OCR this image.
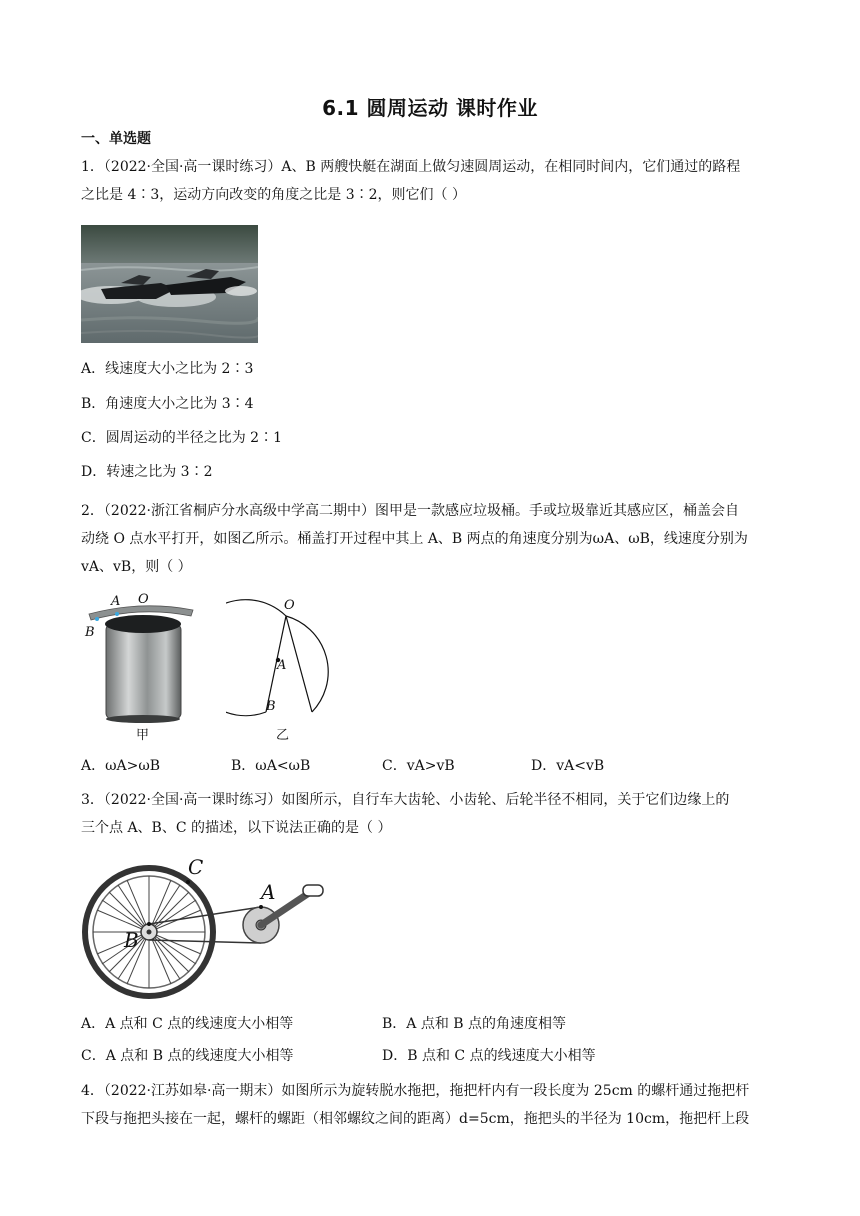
6.1 圆周运动 课时作业
一、单选题
1．（2022·全国·高一课时练习）A、B 两艘快艇在湖面上做匀速圆周运动，在相同时间内，它们通过的路程
之比是 4∶3，运动方向改变的角度之比是 3∶2，则它们（ ）
A．线速度大小之比为 2∶3
B．角速度大小之比为 3∶4
C．圆周运动的半径之比为 2∶1
D．转速之比为 3∶2
2．（2022·浙江省桐庐分水高级中学高二期中）图甲是一款感应垃圾桶。手或垃圾靠近其感应区，桶盖会自
动绕 O 点水平打开，如图乙所示。桶盖打开过程中其上 A、B 两点的角速度分别为ωA、ωB，线速度分别为
vA、vB，则（ ）
A O
B
甲
O
A
B
乙
A．ωA>ωB	B．ωA<ωB	C．vA>vB	D．vA<vB
3．（2022·全国·高一课时练习）如图所示，自行车大齿轮、小齿轮、后轮半径不相同，关于它们边缘上的
三个点 A、B、C 的描述，以下说法正确的是（ ）
C
A
B
A．A 点和 C 点的线速度大小相等	B．A 点和 B 点的角速度相等
C．A 点和 B 点的线速度大小相等	D．B 点和 C 点的线速度大小相等
4．（2022·江苏如皋·高一期末）如图所示为旋转脱水拖把，拖把杆内有一段长度为 25cm 的螺杆通过拖把杆
下段与拖把头接在一起，螺杆的螺距（相邻螺纹之间的距离）d=5cm，拖把头的半径为 10cm，拖把杆上段
